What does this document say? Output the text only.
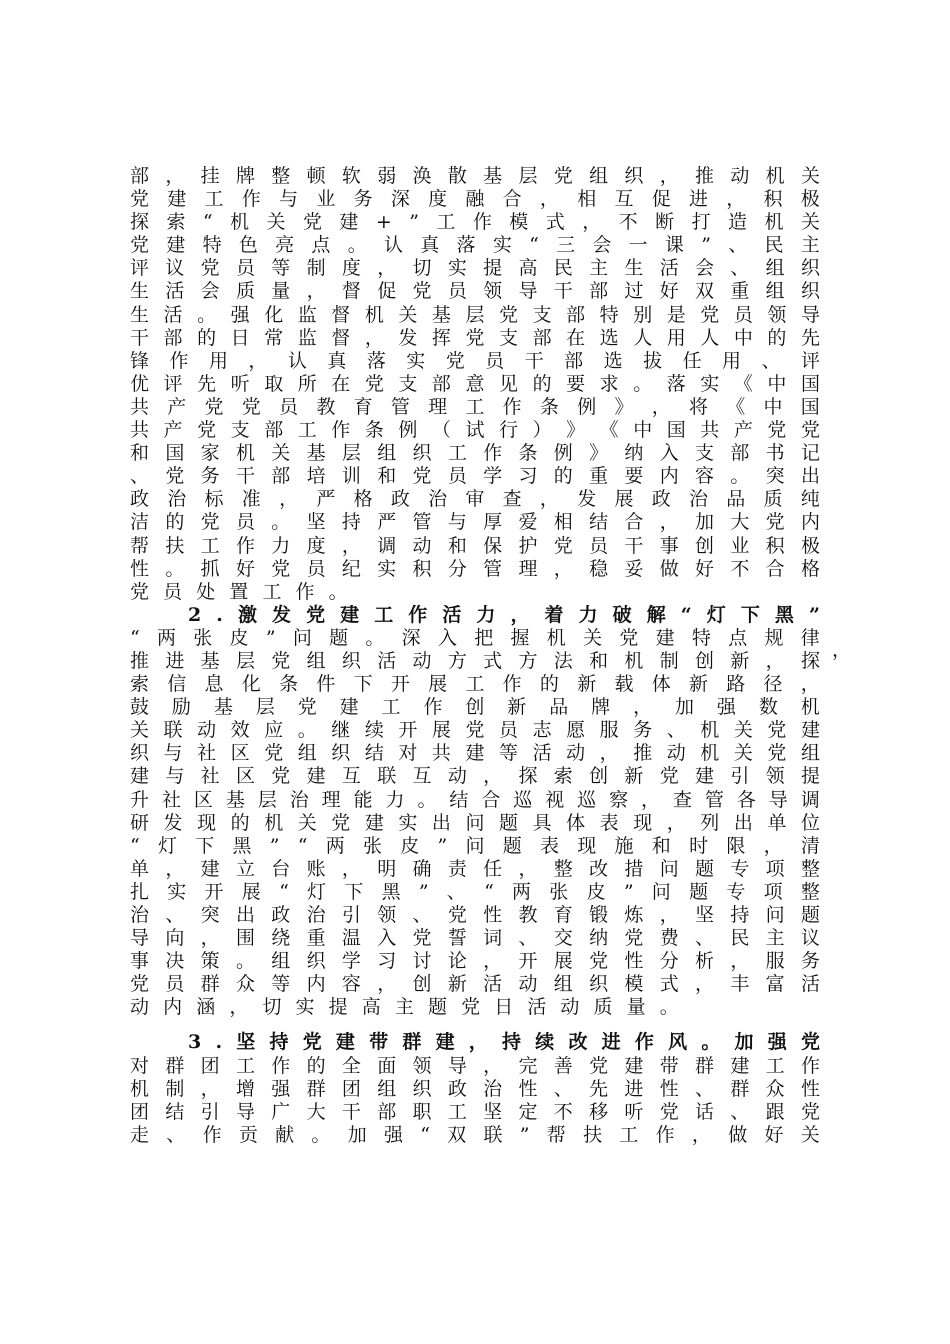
部 ， 挂 牌 整 顿 软 弱 涣 散 基 层 党 组 织 ， 推 动 机 关
党 建 工 作 与 业 务 深 度 融 合 ， 相 互 促 进 ， 积 极
探 索 “ 机 关 党 建 + ” 工 作 模 式 ， 不 断 打 造 机 关
党 建 特 色 亮 点 。 认 真 落 实 “ 三 会 一 课 ” 、 民 主
评 议 党 员 等 制 度 ， 切 实 提 高 民 主 生 活 会 、 组 织
生 活 会 质 量 ， 督 促 党 员 领 导 干 部 过 好 双 重 组 织
生 活 。 强 化 监 督 机 关 基 层 党 支 部 特 别 是 党 员 领 导
干 部 的 日 常 监 督 ， 发 挥 党 支 部 在 选 人 用 人 中 的 先
锋 作 用 ， 认 真 落 实 党 员 干 部 选 拔 任 用 、 评
优 评 先 听 取 所 在 党 支 部 意 见 的 要 求 。 落 实 《 中 国
共 产 党 党 员 教 育 管 理 工 作 条 例 》 ， 将 《 中 国
共 产 党 支 部 工 作 条 例 （ 试 行 ） 》 《 中 国 共 产 党 党
和 国 家 机 关 基 层 组 织 工 作 条 例 》 纳 入 支 部 书 记
、 党 务 干 部 培 训 和 党 员 学 习 的 重 要 内 容 。 突 出
政 治 标 准 ， 严 格 政 治 审 查 ， 发 展 政 治 品 质 纯
洁 的 党 员 。 坚 持 严 管 与 厚 爱 相 结 合 ， 加 大 党 内
帮 扶 工 作 力 度 ， 调 动 和 保 护 党 员 干 事 创 业 积 极
性 。 抓 好 党 员 纪 实 积 分 管 理 ， 稳 妥 做 好 不 合 格
党 员 处 置 工 作 。
2 . 激 发 党 建 工 作 活 力 ， 着 力 破 解 “ 灯 下 黑 ”
“ 两 张 皮 ” 问 题 。 深 入 把 握 机 关 党 建 特 点 规 律
推 进 基 层 党 组 织 活 动 方 式 方 法 和 机 制 创 新 ， 探
索 信 息 化 条 件 下 开 展 工 作 的 新 载 体 新 路 径 ，
鼓 励 基 层 党 建 工 作 创 新 品 牌 ， 加 强 数 机
关 联 动 效 应 。 继 续 开 展 党 员 志 愿 服 务 、 机 关 党 建
织 与 社 区 党 组 织 结 对 共 建 等 活 动 ， 推 动 机 关 党 组
建 与 社 区 党 建 互 联 互 动 ， 探 索 创 新 党 建 引 领 提
升 社 区 基 层 治 理 能 力 。 结 合 巡 视 巡 察 ， 查 管 各 导 调
研 发 现 的 机 关 党 建 实 出 问 题 具 体 表 现 ， 列 出 单 位
“ 灯 下 黑 ” “ 两 张 皮 ” 问 题 表 现 施 和 时 限 ， 清
单 ， 建 立 台 账 ， 明 确 责 任 ， 整 改 措 问 题 专 项 整
扎 实 开 展 “ 灯 下 黑 ” 、 “ 两 张 皮 ” 问 题 专 项 整
治 、 突 出 政 治 引 领 、 党 性 教 育 锻 炼 ， 坚 持 问 题
导 向 ， 围 绕 重 温 入 党 誓 词 、 交 纳 党 费 、 民 主 议
事 决 策 。 组 织 学 习 讨 论 ， 开 展 党 性 分 析 ， 服 务
党 员 群 众 等 内 容 ， 创 新 活 动 组 织 模 式 ， 丰 富 活
动 内 涵 ， 切 实 提 高 主 题 党 日 活 动 质 量 。
3 . 坚 持 党 建 带 群 建 ， 持 续 改 进 作 风 。 加 强 党
对 群 团 工 作 的 全 面 领 导 ， 完 善 党 建 带 群 建 工 作
机 制 ， 增 强 群 团 组 织 政 治 性 、 先 进 性 、 群 众 性
团 结 引 导 广 大 干 部 职 工 坚 定 不 移 听 党 话 、 跟 党
走 、 作 贡 献 。 加 强 “ 双 联 ” 帮 扶 工 作 ， 做 好 关
，
